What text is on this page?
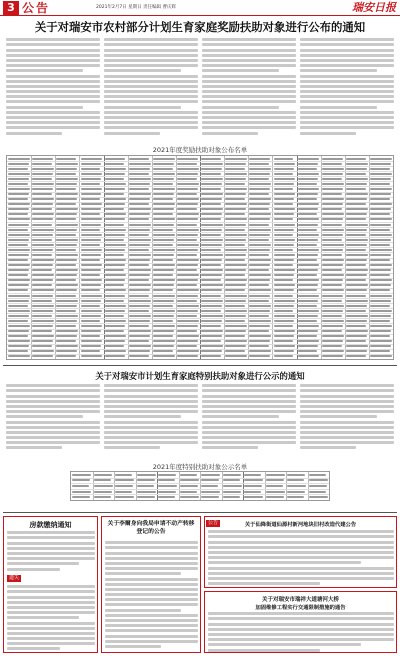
3 公告	2021年2月7日 星期日 责任编辑 曹庆辉	瑞安日报
关于对瑞安市农村部分计划生育家庭奖励扶助对象进行公布的通知
2021年度奖励扶助对象公布名单
关于对瑞安市计划生育家庭特别扶助对象进行公示的通知
2021年度特别扶助对象公示名单
房款缴纳通知
遗失
关于李爾身向我局申请不动产转移登记的公告
关于仙降街道仙源村新河地块旧村改造代建公告
公告
关于对瑞安市瑞祥大道塘河大桥
加固维修工程实行交通限制措施的通告
